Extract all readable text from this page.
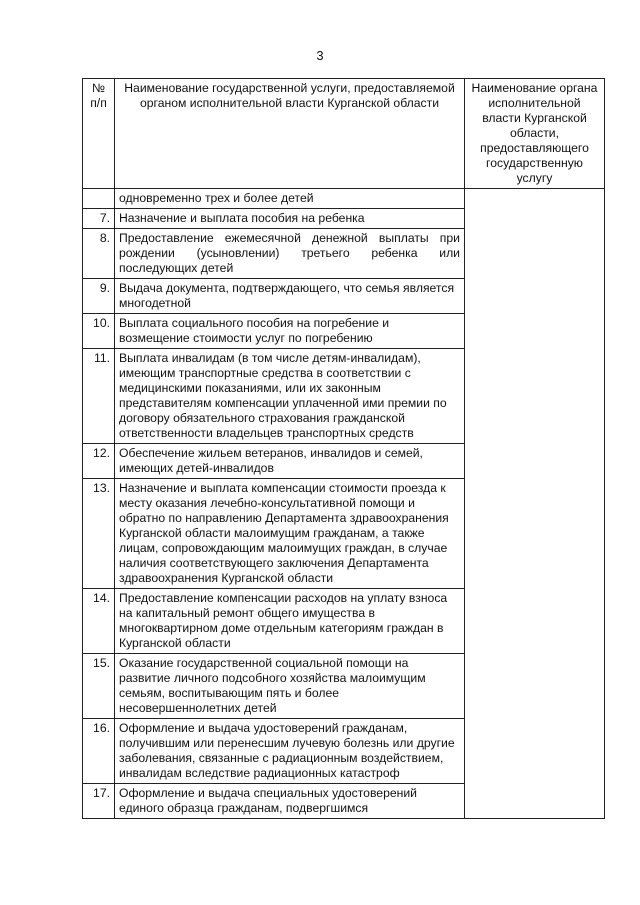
3
№ п/п	Наименование государственной услуги, предоставляемой органом исполнительной власти Курганской области	Наименование органа исполнительной власти Курганской области, предоставляющего государственную услугу
	одновременно трех и более детей	
7.	Назначение и выплата пособия на ребенка	
8.	Предоставление ежемесячной денежной выплаты при рождении (усыновлении) третьего ребенка или последующих детей	
9.	Выдача документа, подтверждающего, что семья является многодетной	
10.	Выплата социального пособия на погребение и возмещение стоимости услуг по погребению	
11.	Выплата инвалидам (в том числе детям-инвалидам), имеющим транспортные средства в соответствии с медицинскими показаниями, или их законным представителям компенсации уплаченной ими премии по договору обязательного страхования гражданской ответственности владельцев транспортных средств	
12.	Обеспечение жильем ветеранов, инвалидов и семей, имеющих детей-инвалидов	
13.	Назначение и выплата компенсации стоимости проезда к месту оказания лечебно-консультативной помощи и обратно по направлению Департамента здравоохранения Курганской области малоимущим гражданам, а также лицам, сопровождающим малоимущих граждан, в случае наличия соответствующего заключения Департамента здравоохранения Курганской области	
14.	Предоставление компенсации расходов на уплату взноса на капитальный ремонт общего имущества в многоквартирном доме отдельным категориям граждан в Курганской области	
15.	Оказание государственной социальной помощи на развитие личного подсобного хозяйства малоимущим семьям, воспитывающим пять и более несовершеннолетних детей	
16.	Оформление и выдача удостоверений гражданам, получившим или перенесшим лучевую болезнь или другие заболевания, связанные с радиационным воздействием, инвалидам вследствие радиационных катастроф	
17.	Оформление и выдача специальных удостоверений единого образца гражданам, подвергшимся	
